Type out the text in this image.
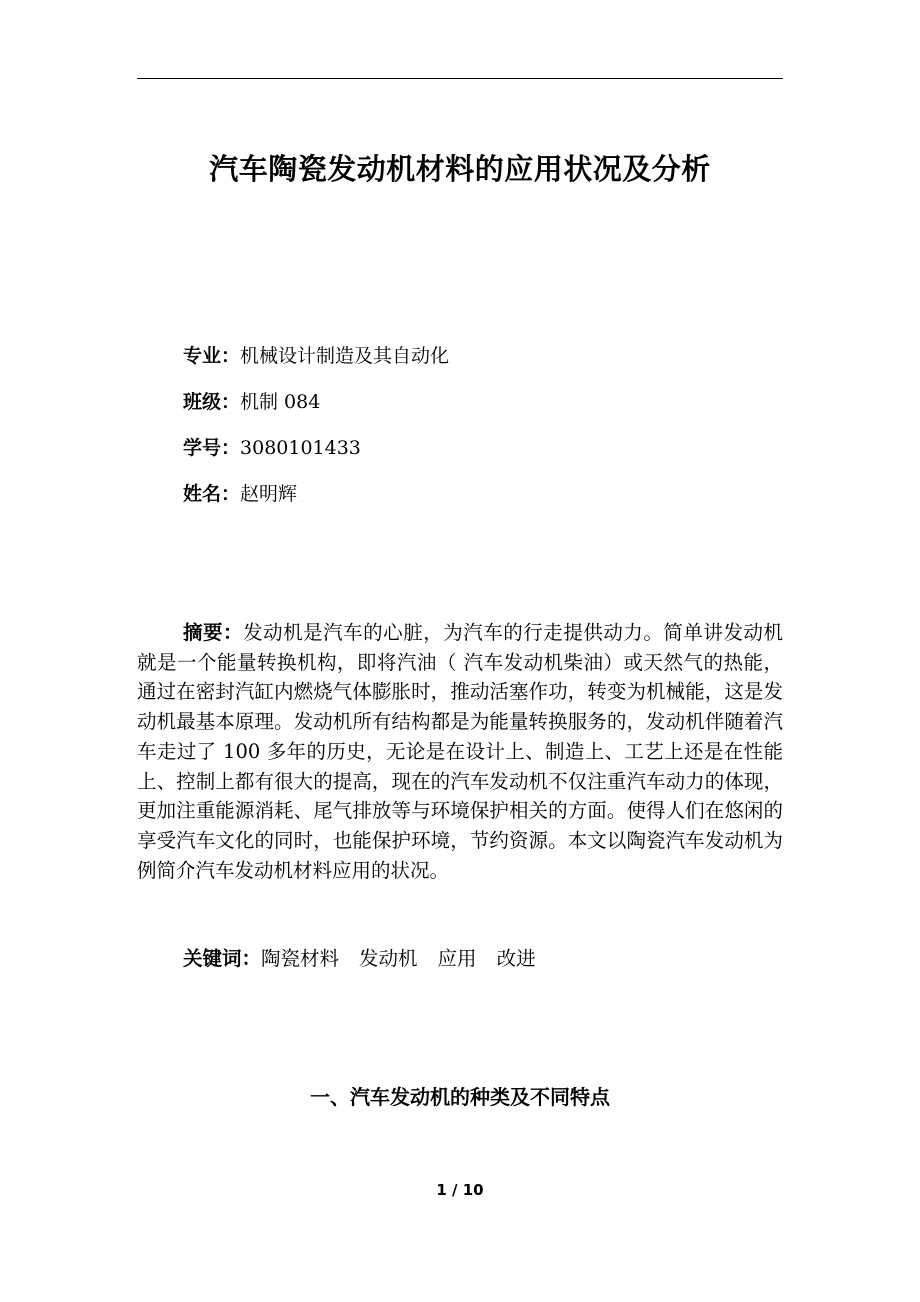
汽车陶瓷发动机材料的应用状况及分析
专业：机械设计制造及其自动化
班级：机制 084
学号：3080101433
姓名：赵明辉

摘要：发动机是汽车的心脏，为汽车的行走提供动力。简单讲发动机就是一个能量转换机构，即将汽油（ 汽车发动机柴油）或天然气的热能，通过在密封汽缸内燃烧气体膨胀时，推动活塞作功，转变为机械能，这是发动机最基本原理。发动机所有结构都是为能量转换服务的，发动机伴随着汽车走过了 100 多年的历史，无论是在设计上、制造上、工艺上还是在性能上、控制上都有很大的提高，现在的汽车发动机不仅注重汽车动力的体现，更加注重能源消耗、尾气排放等与环境保护相关的方面。使得人们在悠闲的享受汽车文化的同时，也能保护环境，节约资源。本文以陶瓷汽车发动机为例简介汽车发动机材料应用的状况。

关键词：陶瓷材料 发动机 应用 改进
一、汽车发动机的种类及不同特点
1 / 10
